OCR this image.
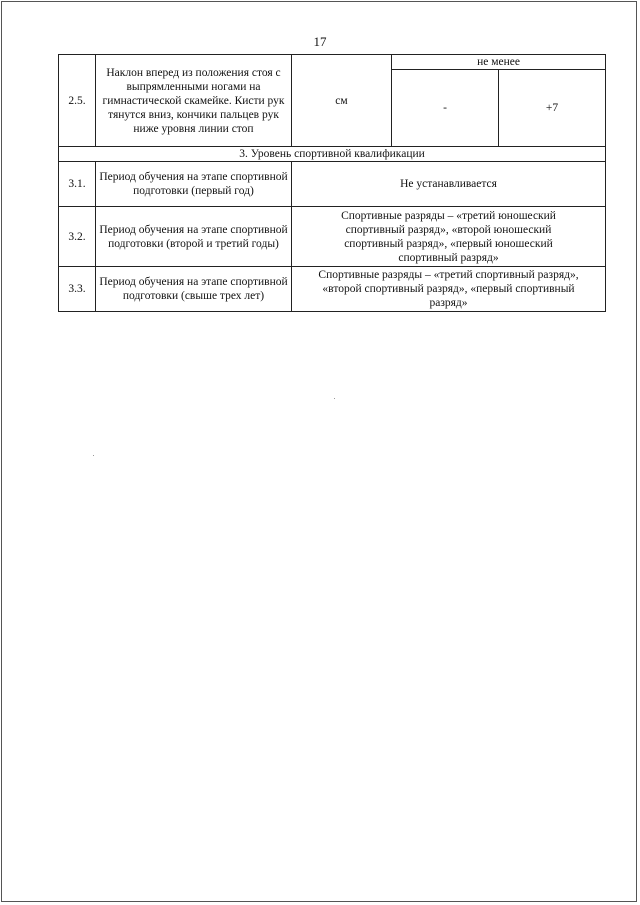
17
2.5.	Наклон вперед из положения стоя с выпрямленными ногами на гимнастической скамейке. Кисти рук тянутся вниз, кончики пальцев рук ниже уровня линии стоп	см	не менее	
			-	+7
3. Уровень спортивной квалификации				
3.1.	Период обучения на этапе спортивной подготовки (первый год)	Не устанавливается		
3.2.	Период обучения на этапе спортивной подготовки (второй и третий годы)	Спортивные разряды – «третий юношеский спортивный разряд», «второй юношеский спортивный разряд», «первый юношеский спортивный разряд»		
3.3.	Период обучения на этапе спортивной подготовки (свыше трех лет)	Спортивные разряды – «третий спортивный разряд», «второй спортивный разряд», «первый спортивный разряд»		
